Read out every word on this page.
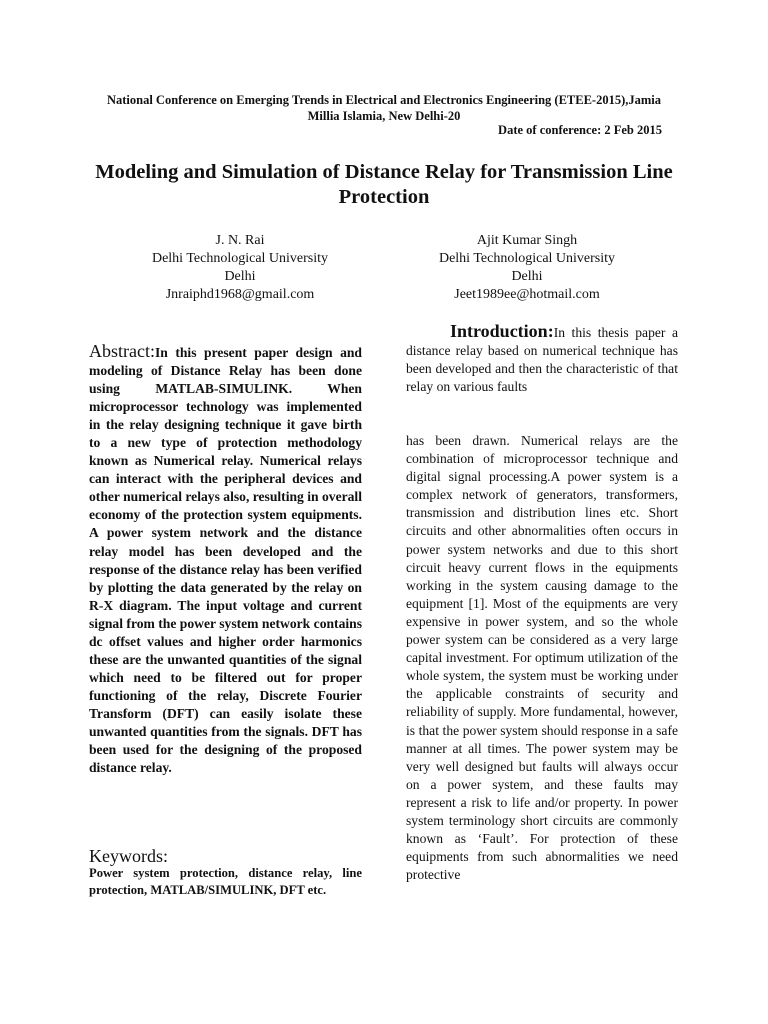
National Conference on Emerging Trends in Electrical and Electronics Engineering (ETEE-2015),Jamia Millia Islamia, New Delhi-20
Date of conference: 2 Feb 2015
Modeling and Simulation of Distance Relay for Transmission Line Protection
J. N. Rai
Delhi Technological University
Delhi
Jnraiphd1968@gmail.com
Ajit Kumar Singh
Delhi Technological University
Delhi
Jeet1989ee@hotmail.com
Abstract:In this present paper design and modeling of Distance Relay has been done using MATLAB-SIMULINK. When microprocessor technology was implemented in the relay designing technique it gave birth to a new type of protection methodology known as Numerical relay. Numerical relays can interact with the peripheral devices and other numerical relays also, resulting in overall economy of the protection system equipments. A power system network and the distance relay model has been developed and the response of the distance relay has been verified by plotting the data generated by the relay on R-X diagram. The input voltage and current signal from the power system network contains dc offset values and higher order harmonics these are the unwanted quantities of the signal which need to be filtered out for proper functioning of the relay, Discrete Fourier Transform (DFT) can easily isolate these unwanted quantities from the signals. DFT has been used for the designing of the proposed distance relay.
Keywords:
Power system protection, distance relay, line protection, MATLAB/SIMULINK, DFT etc.
Introduction:In this thesis paper a distance relay based on numerical technique has been developed and then the characteristic of that relay on various faults
has been drawn. Numerical relays are the combination of microprocessor technique and digital signal processing.A power system is a complex network of generators, transformers, transmission and distribution lines etc. Short circuits and other abnormalities often occurs in power system networks and due to this short circuit heavy current flows in the equipments working in the system causing damage to the equipment [1]. Most of the equipments are very expensive in power system, and so the whole power system can be considered as a very large capital investment. For optimum utilization of the whole system, the system must be working under the applicable constraints of security and reliability of supply. More fundamental, however, is that the power system should response in a safe manner at all times. The power system may be very well designed but faults will always occur on a power system, and these faults may represent a risk to life and/or property. In power system terminology short circuits are commonly known as ‘Fault’. For protection of these equipments from such abnormalities we need protective
